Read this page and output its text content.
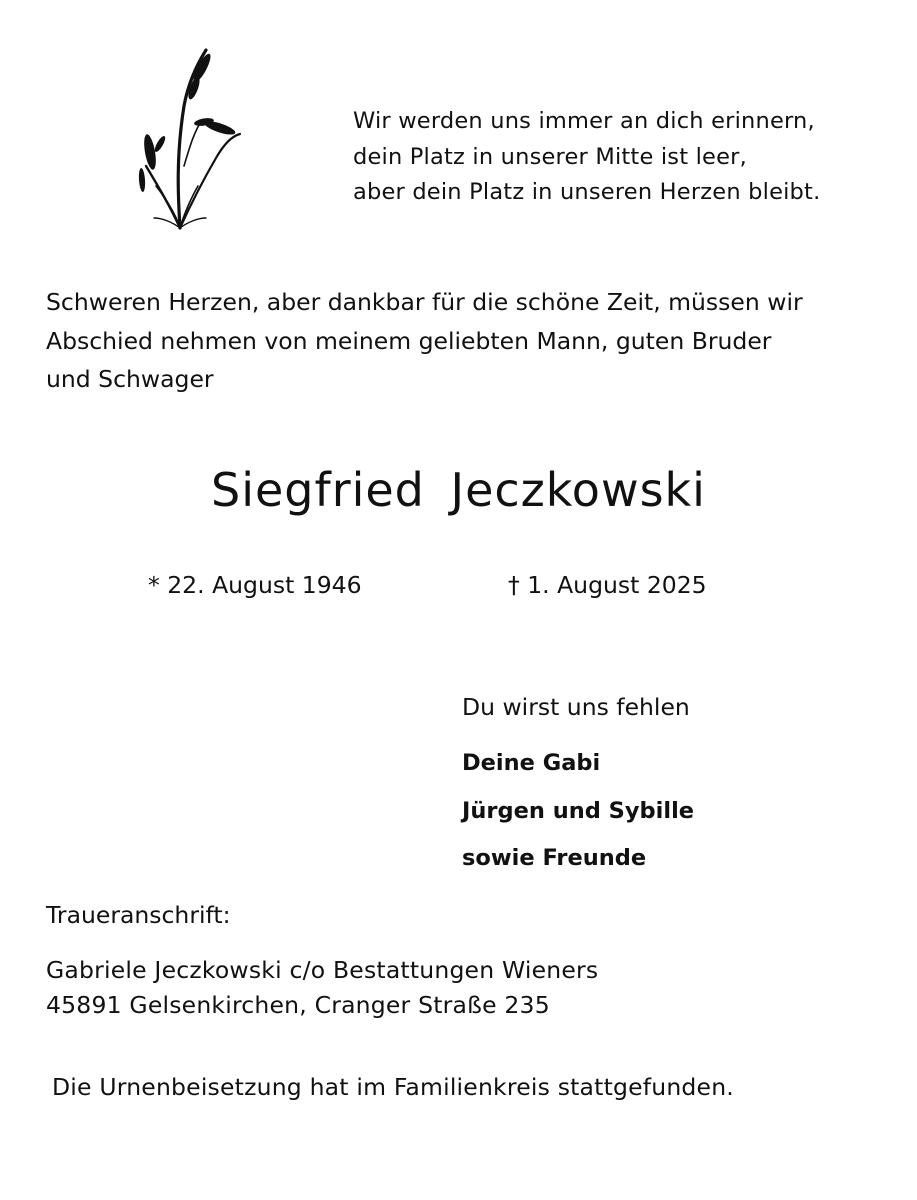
Wir werden uns immer an dich erinnern,
dein Platz in unserer Mitte ist leer,
aber dein Platz in unseren Herzen bleibt.
Schweren Herzen, aber dankbar für die schöne Zeit, müssen wir
Abschied nehmen von meinem geliebten Mann, guten Bruder
und Schwager
Siegfried Jeczkowski
* 22. August 1946	† 1. August 2025
Du wirst uns fehlen
Deine Gabi
Jürgen und Sybille
sowie Freunde
Traueranschrift:
Gabriele Jeczkowski c/o Bestattungen Wieners
45891 Gelsenkirchen, Cranger Straße 235
Die Urnenbeisetzung hat im Familienkreis stattgefunden.
